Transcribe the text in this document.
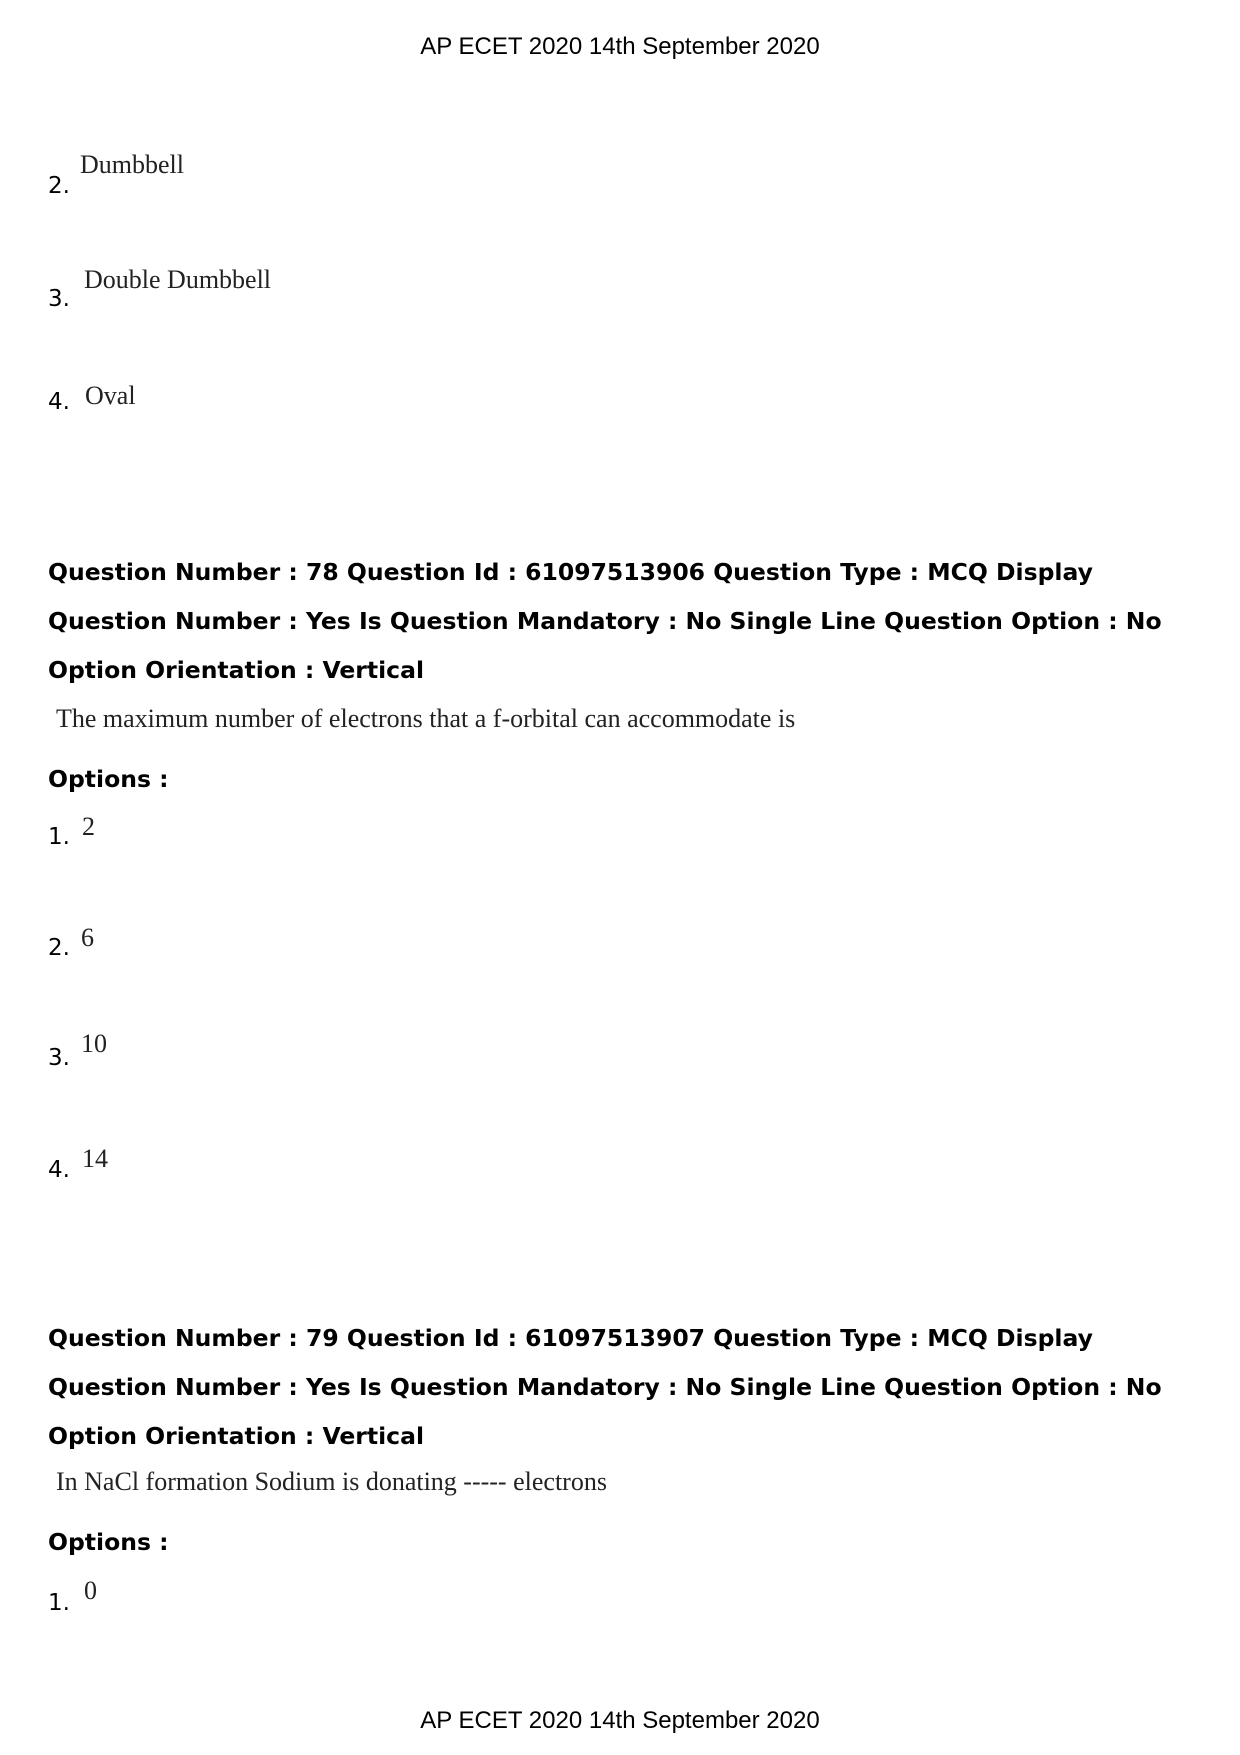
AP ECET 2020 14th September 2020
2.
Dumbbell
3.
Double Dumbbell
4. Oval

Question Number : 78 Question Id : 61097513906 Question Type : MCQ Display Question Number : Yes Is Question Mandatory : No Single Line Question Option : No Option Orientation : Vertical

The maximum number of electrons that a f-orbital can accommodate is
Options :
1. 2
2. 6
3. 10
4. 14

Question Number : 79 Question Id : 61097513907 Question Type : MCQ Display Question Number : Yes Is Question Mandatory : No Single Line Question Option : No Option Orientation : Vertical

In NaCl formation Sodium is donating ----- electrons
Options :
1. 0
AP ECET 2020 14th September 2020
